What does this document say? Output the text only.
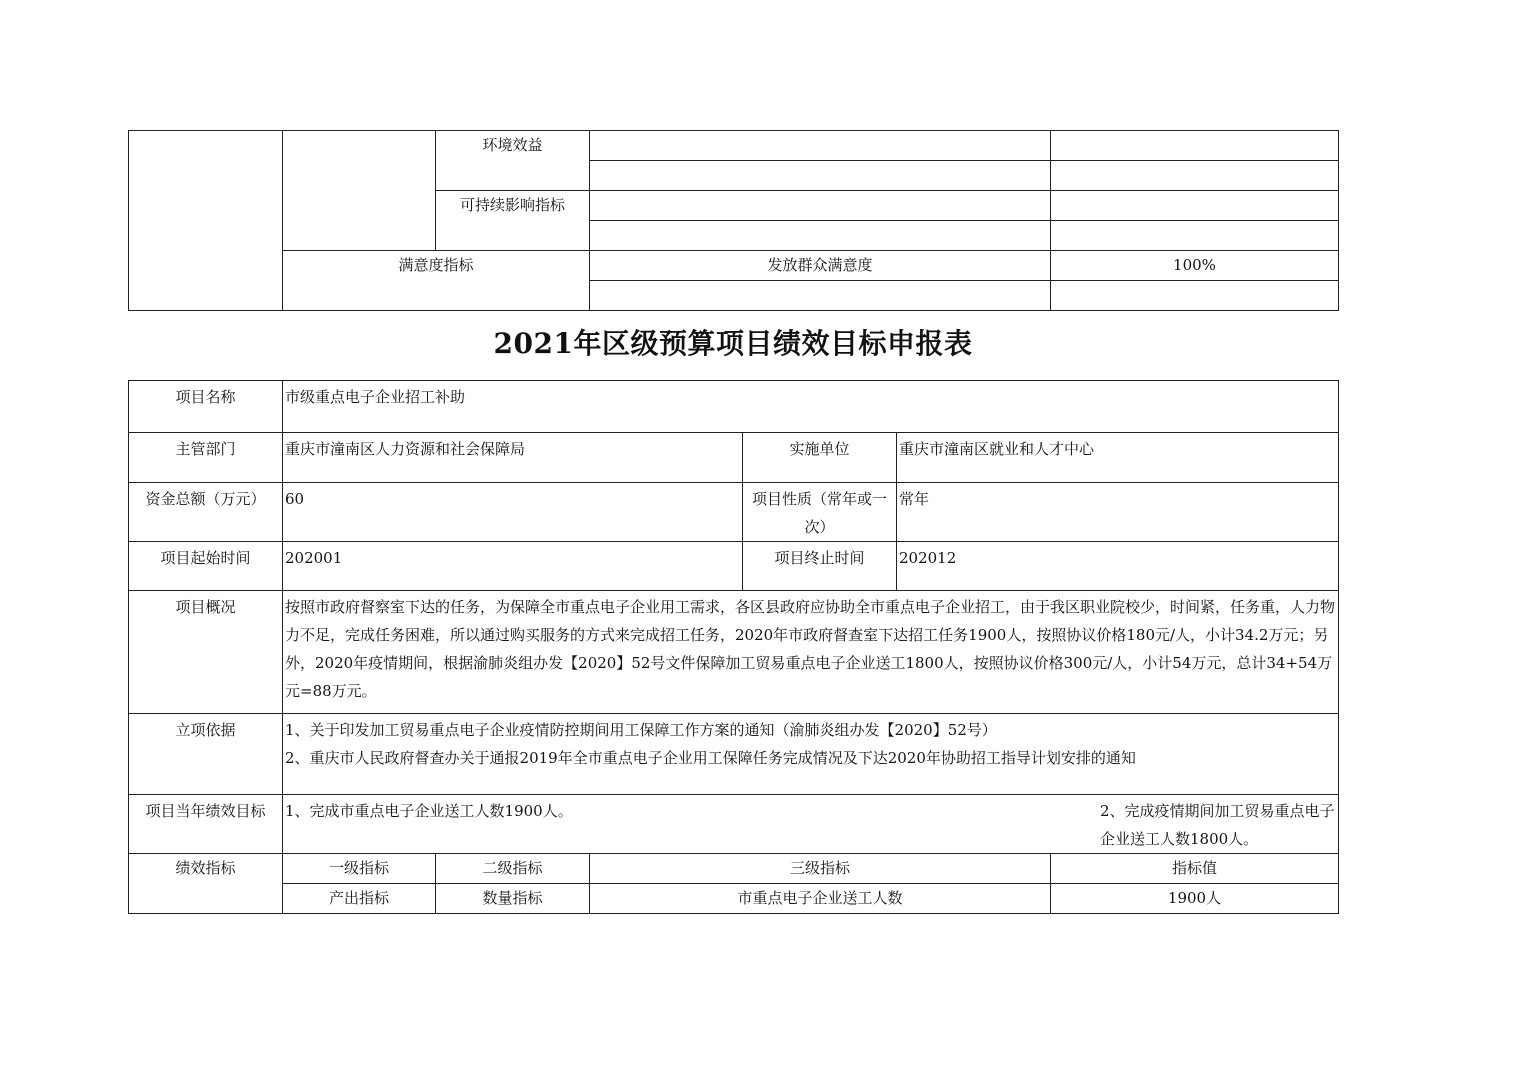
		环境效益		

		可持续影响指标		

	满意度指标		发放群众满意度	100%

2021年区级预算项目绩效目标申报表
项目名称	市级重点电子企业招工补助					
主管部门	重庆市潼南区人力资源和社会保障局			实施单位	重庆市潼南区就业和人才中心	
资金总额（万元）	60			项目性质（常年或一次）	常年	
项目起始时间	202001			项目终止时间	202012	
项目概况	按照市政府督察室下达的任务，为保障全市重点电子企业用工需求，各区县政府应协助全市重点电子企业招工，由于我区职业院校少，时间紧，任务重，人力物力不足，完成任务困难，所以通过购买服务的方式来完成招工任务，2020年市政府督查室下达招工任务1900人，按照协议价格180元/人，小计34.2万元；另外，2020年疫情期间，根据渝肺炎组办发【2020】52号文件保障加工贸易重点电子企业送工1800人，按照协议价格300元/人，小计54万元，总计34+54万元=88万元。					
立项依据	1、关于印发加工贸易重点电子企业疫情防控期间用工保障工作方案的通知（渝肺炎组办发【2020】52号）
2、重庆市人民政府督查办关于通报2019年全市重点电子企业用工保障任务完成情况及下达2020年协助招工指导计划安排的通知					

项目当年绩效目标	1、完成市重点电子企业送工人数1900人。 2、完成疫情期间加工贸易重点电子企业送工人数1800人。					

绩效指标	一级指标	二级指标	三级指标			指标值
	产出指标	数量指标	市重点电子企业送工人数			1900人
